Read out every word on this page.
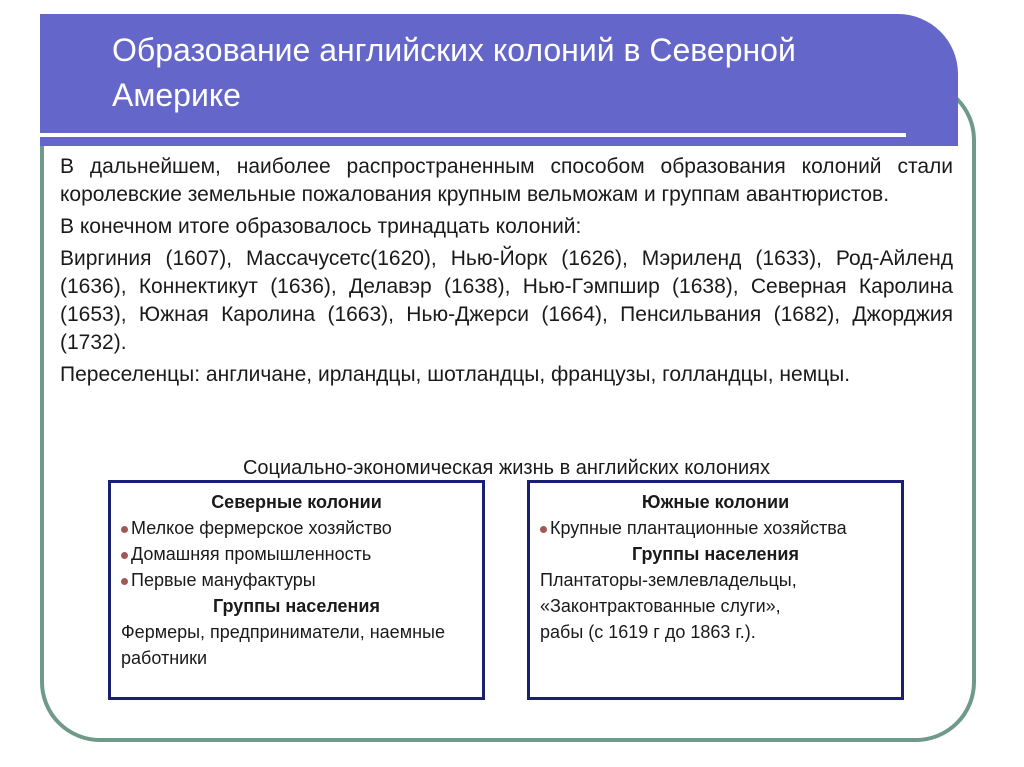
Образование английских колоний в Северной Америке

В дальнейшем, наиболее распространенным способом образования колоний стали королевские земельные пожалования крупным вельможам и группам авантюристов.

В конечном итоге образовалось тринадцать колоний:

Виргиния (1607), Массачусетс(1620), Нью-Йорк (1626), Мэриленд (1633), Род-Айленд (1636), Коннектикут (1636), Делавэр (1638), Нью-Гэмпшир (1638), Северная Каролина (1653), Южная Каролина (1663), Нью-Джерси (1664), Пенсильвания (1682), Джорджия (1732).

Переселенцы: англичане, ирландцы, шотландцы, французы, голландцы, немцы.

Социально-экономическая жизнь в английских колониях
Северные колонии
Мелкое фермерское хозяйство
Домашняя промышленность
Первые мануфактуры
Группы населения

Фермеры, предприниматели, наемные работники

Южные колонии
Крупные плантационные хозяйства
Группы населения

Плантаторы-землевладельцы,

«Законтрактованные слуги»,

рабы (с 1619 г до 1863 г.).
